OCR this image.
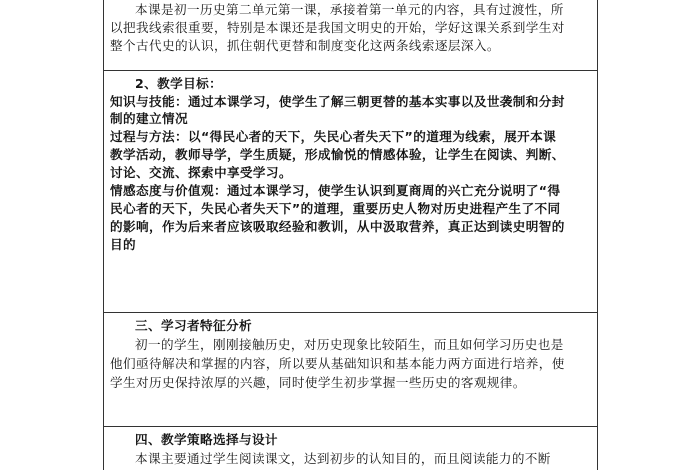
本课是初一历史第二单元第一课，承接着第一单元的内容，具有过渡性，所
以把我线索很重要，特别是本课还是我国文明史的开始，学好这课关系到学生对
整个古代史的认识，抓住朝代更替和制度变化这两条线索逐层深入。
2、教学目标：
知识与技能：通过本课学习，使学生了解三朝更替的基本实事以及世袭制和分封
制的建立情况
过程与方法：以“得民心者的天下，失民心者失天下”的道理为线索，展开本课
教学活动，教师导学，学生质疑，形成愉悦的情感体验，让学生在阅读、判断、
讨论、交流、探索中享受学习。
情感态度与价值观：通过本课学习，使学生认识到夏商周的兴亡充分说明了“得
民心者的天下，失民心者失天下”的道理，重要历史人物对历史进程产生了不同
的影响，作为后来者应该吸取经验和教训，从中汲取营养，真正达到读史明智的
目的
三、学习者特征分析
初一的学生，刚刚接触历史，对历史现象比较陌生，而且如何学习历史也是
他们亟待解决和掌握的内容，所以要从基础知识和基本能力两方面进行培养，使
学生对历史保持浓厚的兴趣，同时使学生初步掌握一些历史的客观规律。
四、教学策略选择与设计
本课主要通过学生阅读课文，达到初步的认知目的，而且阅读能力的不断
